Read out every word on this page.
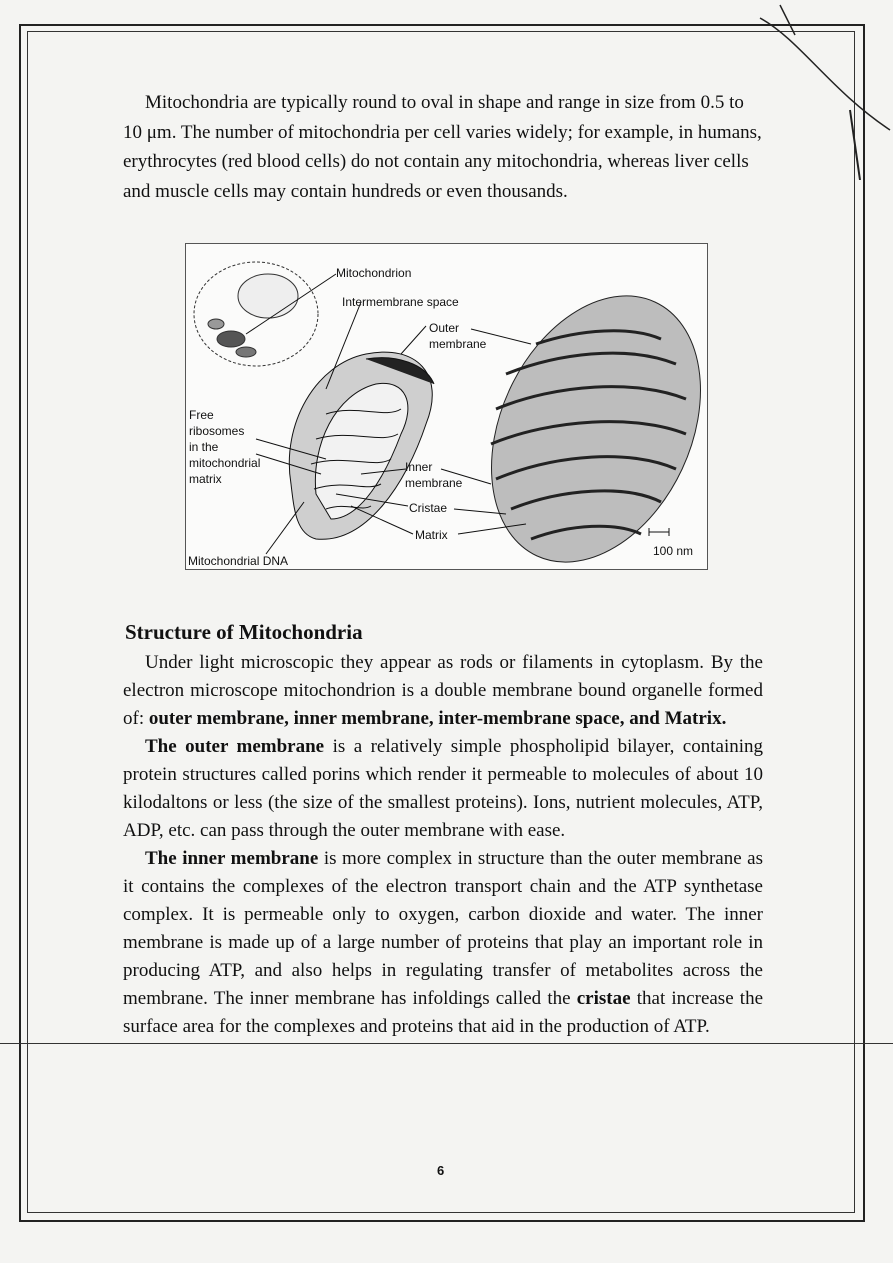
Mitochondria are typically round to oval in shape and range in size from 0.5 to 10 μm. The number of mitochondria per cell varies widely; for example, in humans, erythrocytes (red blood cells) do not contain any mitochondria, whereas liver cells and muscle cells may contain hundreds or even thousands.

Mitochondrion
Intermembrane space
Outer
membrane
Free
ribosomes
in the
mitochondrial
matrix
Inner
membrane
Cristae
Matrix
100 nm
Mitochondrial DNA
Structure of Mitochondria

Under light microscopic they appear as rods or filaments in cytoplasm. By the electron microscope mitochondrion is a double membrane bound organelle formed of: outer membrane, inner membrane, inter-membrane space, and Matrix.

The outer membrane is a relatively simple phospholipid bilayer, containing protein structures called porins which render it permeable to molecules of about 10 kilodaltons or less (the size of the smallest proteins). Ions, nutrient molecules, ATP, ADP, etc. can pass through the outer membrane with ease.

The inner membrane is more complex in structure than the outer membrane as it contains the complexes of the electron transport chain and the ATP synthetase complex. It is permeable only to oxygen, carbon dioxide and water. The inner membrane is made up of a large number of proteins that play an important role in producing ATP, and also helps in regulating transfer of metabolites across the membrane. The inner membrane has infoldings called the cristae that increase the surface area for the complexes and proteins that aid in the production of ATP.

6
